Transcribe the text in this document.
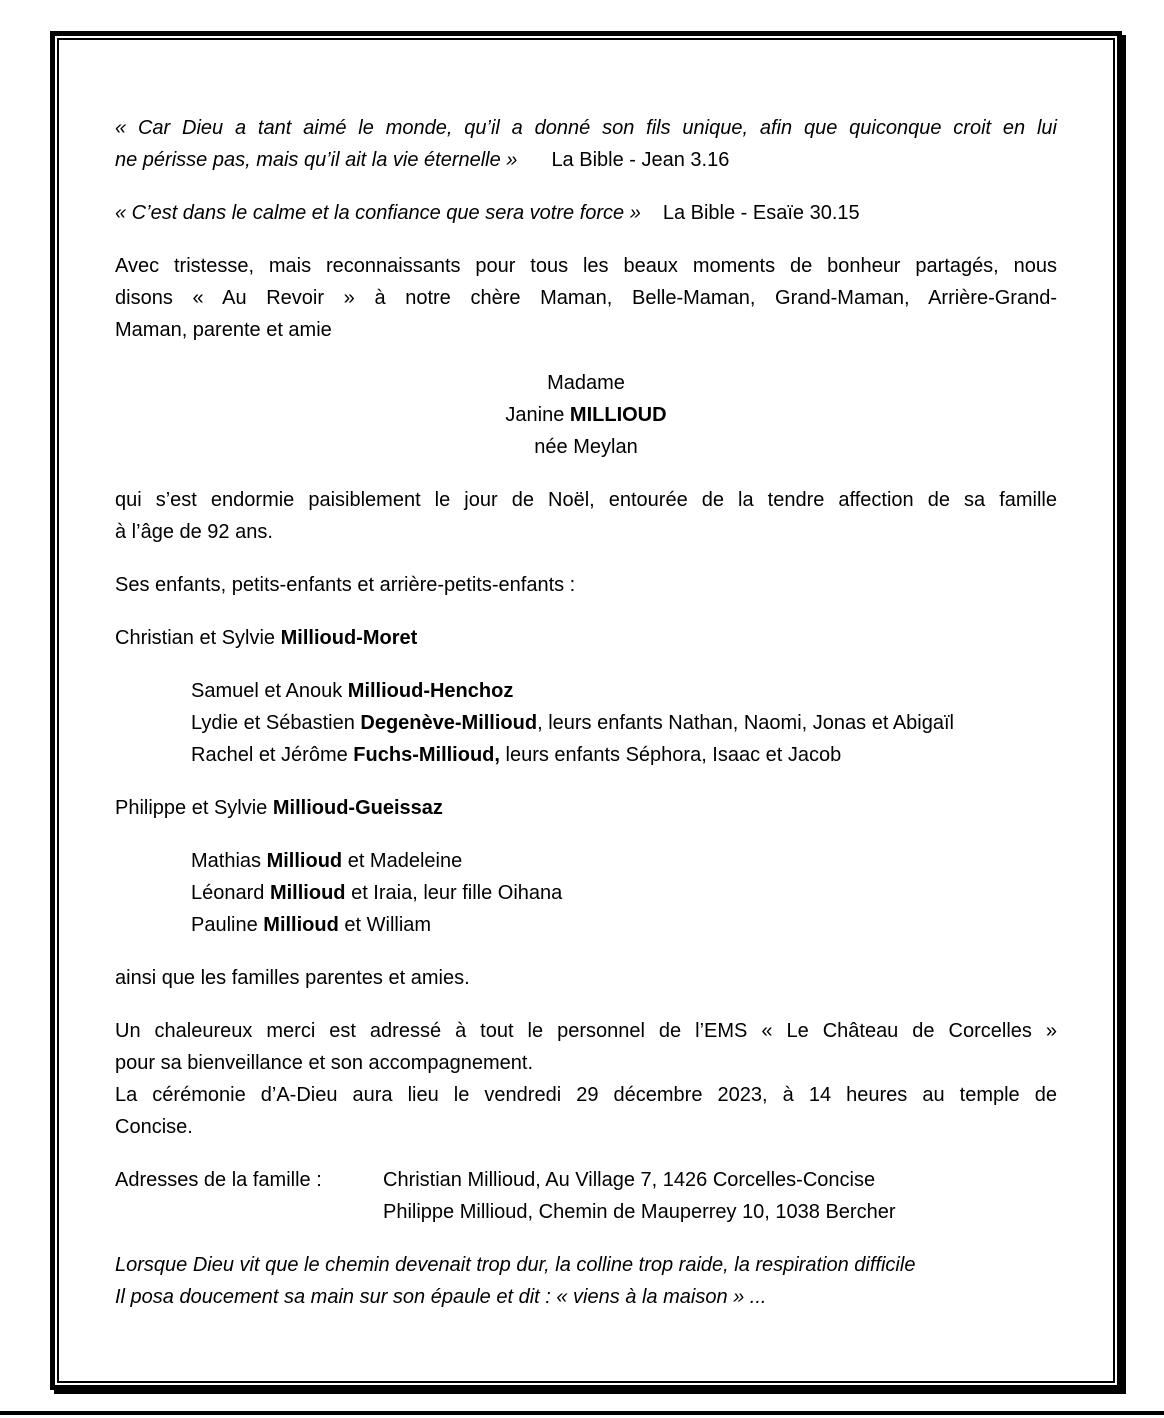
« Car Dieu a tant aimé le monde, qu’il a donné son fils unique, afin que quiconque croit en lui
ne périsse pas, mais qu’il ait la vie éternelle » La Bible - Jean 3.16
« C’est dans le calme et la confiance que sera votre force » La Bible - Esaïe 30.15
Avec tristesse, mais reconnaissants pour tous les beaux moments de bonheur partagés, nous
disons « Au Revoir » à notre chère Maman, Belle-Maman, Grand-Maman, Arrière-Grand-
Maman, parente et amie
Madame
Janine MILLIOUD
née Meylan
qui s’est endormie paisiblement le jour de Noël, entourée de la tendre affection de sa famille
à l’âge de 92 ans.
Ses enfants, petits-enfants et arrière-petits-enfants :
Christian et Sylvie Millioud-Moret
Samuel et Anouk Millioud-Henchoz
Lydie et Sébastien Degenève-Millioud, leurs enfants Nathan, Naomi, Jonas et Abigaïl
Rachel et Jérôme Fuchs-Millioud, leurs enfants Séphora, Isaac et Jacob
Philippe et Sylvie Millioud-Gueissaz
Mathias Millioud et Madeleine
Léonard Millioud et Iraia, leur fille Oihana
Pauline Millioud et William
ainsi que les familles parentes et amies.
Un chaleureux merci est adressé à tout le personnel de l’EMS « Le Château de Corcelles »
pour sa bienveillance et son accompagnement.
La cérémonie d’A-Dieu aura lieu le vendredi 29 décembre 2023, à 14 heures au temple de
Concise.
Adresses de la famille :	Christian Millioud, Au Village 7, 1426 Corcelles-Concise
Philippe Millioud, Chemin de Mauperrey 10, 1038 Bercher
Lorsque Dieu vit que le chemin devenait trop dur, la colline trop raide, la respiration difficile
Il posa doucement sa main sur son épaule et dit : « viens à la maison » ...
